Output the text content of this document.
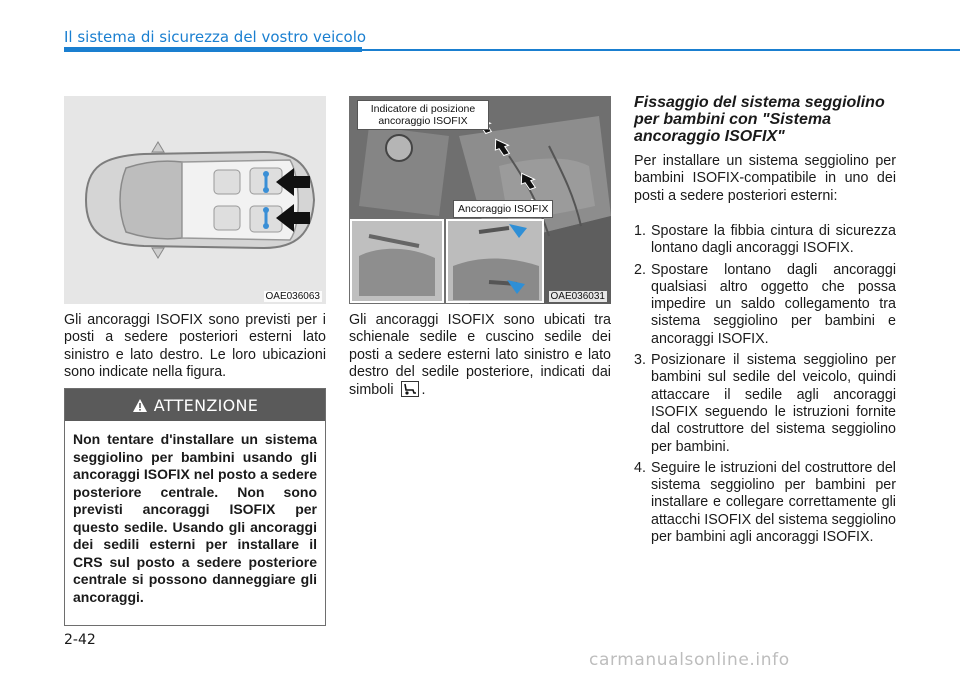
Il sistema di sicurezza del vostro veicolo
OAE036063

Gli ancoraggi ISOFIX sono previsti per i posti a sedere posteriori esterni lato sinistro e lato destro. Le loro ubicazioni sono indicate nella figura.

ATTENZIONE

Non tentare d'installare un sistema seggiolino per bambini usando gli ancoraggi ISOFIX nel posto a sedere posteriore centrale. Non sono previsti ancoraggi ISOFIX per questo sedile. Usando gli ancoraggi dei sedili esterni per installare il CRS sul posto a sedere posteriore centrale si possono danneggiare gli ancoraggi.

Indicatore di posizione ancoraggio ISOFIX
Ancoraggio ISOFIX
OAE036031

Gli ancoraggi ISOFIX sono ubicati tra schienale sedile e cuscino sedile dei posti a sedere esterni lato sinistro e lato destro del sedile posteriore, indicati dai simboli .

Fissaggio del sistema seggiolino per bambini con "Sistema ancoraggio ISOFIX"

Per installare un sistema seggiolino per bambini ISOFIX-compatibile in uno dei posti a sedere posteriori esterni:

1. Spostare la fibbia cintura di sicurezza lontano dagli ancoraggi ISOFIX.
2. Spostare lontano dagli ancoraggi qualsiasi altro oggetto che possa impedire un saldo collegamento tra sistema seggiolino per bambini e ancoraggi ISOFIX.
3. Posizionare il sistema seggiolino per bambini sul sedile del veicolo, quindi attaccare il sedile agli ancoraggi ISOFIX seguendo le istruzioni fornite dal costruttore del sistema seggiolino per bambini.
4. Seguire le istruzioni del costruttore del sistema seggiolino per bambini per installare e collegare correttamente gli attacchi ISOFIX del sistema seggiolino per bambini agli ancoraggi ISOFIX.
2-42
carmanualsonline.info
